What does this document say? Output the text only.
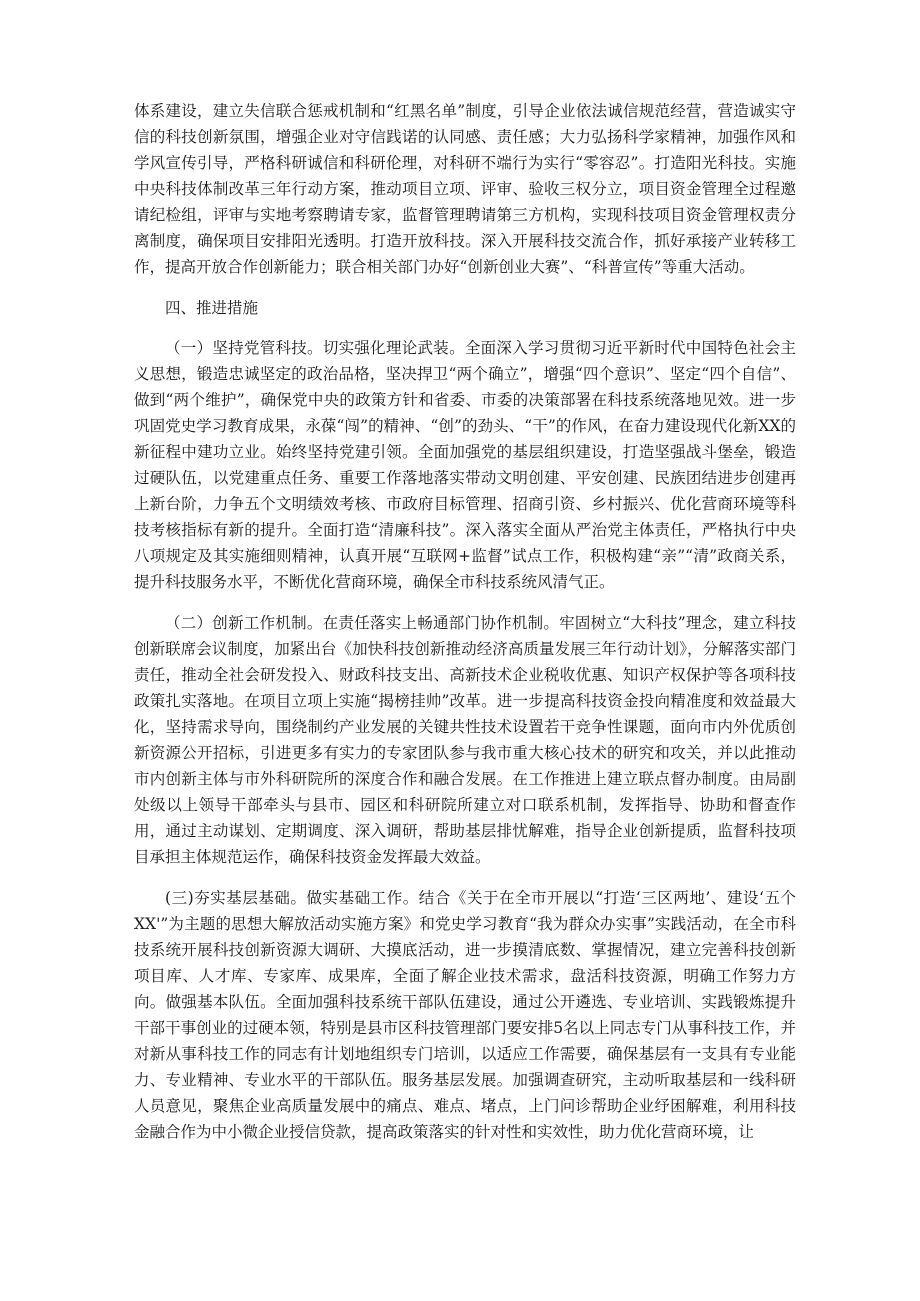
体系建设，建立失信联合惩戒机制和“红黑名单”制度，引导企业依法诚信规范经营，营造诚实守信的科技创新氛围，增强企业对守信践诺的认同感、责任感；大力弘扬科学家精神，加强作风和学风宣传引导，严格科研诚信和科研伦理，对科研不端行为实行“零容忍”。打造阳光科技。实施中央科技体制改革三年行动方案，推动项目立项、评审、验收三权分立，项目资金管理全过程邀请纪检组，评审与实地考察聘请专家，监督管理聘请第三方机构，实现科技项目资金管理权责分离制度，确保项目安排阳光透明。打造开放科技。深入开展科技交流合作，抓好承接产业转移工作，提高开放合作创新能力；联合相关部门办好“创新创业大赛”、“科普宣传”等重大活动。

四、推进措施

（一）坚持党管科技。切实强化理论武装。全面深入学习贯彻习近平新时代中国特色社会主义思想，锻造忠诚坚定的政治品格，坚决捍卫“两个确立”，增强“四个意识”、坚定“四个自信”、做到“两个维护”，确保党中央的政策方针和省委、市委的决策部署在科技系统落地见效。进一步巩固党史学习教育成果，永葆“闯”的精神、“创”的劲头、“干”的作风，在奋力建设现代化新XX的新征程中建功立业。始终坚持党建引领。全面加强党的基层组织建设，打造坚强战斗堡垒，锻造过硬队伍，以党建重点任务、重要工作落地落实带动文明创建、平安创建、民族团结进步创建再上新台阶，力争五个文明绩效考核、市政府目标管理、招商引资、乡村振兴、优化营商环境等科技考核指标有新的提升。全面打造“清廉科技”。深入落实全面从严治党主体责任，严格执行中央八项规定及其实施细则精神，认真开展“互联网+监督”试点工作，积极构建“亲”“清”政商关系，提升科技服务水平，不断优化营商环境，确保全市科技系统风清气正。

（二）创新工作机制。在责任落实上畅通部门协作机制。牢固树立“大科技”理念，建立科技创新联席会议制度，加紧出台《加快科技创新推动经济高质量发展三年行动计划》，分解落实部门责任，推动全社会研发投入、财政科技支出、高新技术企业税收优惠、知识产权保护等各项科技政策扎实落地。在项目立项上实施“揭榜挂帅”改革。进一步提高科技资金投向精准度和效益最大化，坚持需求导向，围绕制约产业发展的关键共性技术设置若干竞争性课题，面向市内外优质创新资源公开招标，引进更多有实力的专家团队参与我市重大核心技术的研究和攻关，并以此推动市内创新主体与市外科研院所的深度合作和融合发展。在工作推进上建立联点督办制度。由局副处级以上领导干部牵头与县市、园区和科研院所建立对口联系机制，发挥指导、协助和督查作用，通过主动谋划、定期调度、深入调研，帮助基层排忧解难，指导企业创新提质，监督科技项目承担主体规范运作，确保科技资金发挥最大效益。

(三)夯实基层基础。做实基础工作。结合《关于在全市开展以“打造‘三区两地’、建设‘五个XX'”为主题的思想大解放活动实施方案》和党史学习教育“我为群众办实事”实践活动，在全市科技系统开展科技创新资源大调研、大摸底活动，进一步摸清底数、掌握情况，建立完善科技创新项目库、人才库、专家库、成果库，全面了解企业技术需求，盘活科技资源，明确工作努力方向。做强基本队伍。全面加强科技系统干部队伍建设，通过公开遴选、专业培训、实践锻炼提升干部干事创业的过硬本领，特别是县市区科技管理部门要安排5名以上同志专门从事科技工作，并对新从事科技工作的同志有计划地组织专门培训，以适应工作需要，确保基层有一支具有专业能力、专业精神、专业水平的干部队伍。服务基层发展。加强调查研究，主动听取基层和一线科研人员意见，聚焦企业高质量发展中的痛点、难点、堵点，上门问诊帮助企业纾困解难，利用科技金融合作为中小微企业授信贷款，提高政策落实的针对性和实效性，助力优化营商环境，让
